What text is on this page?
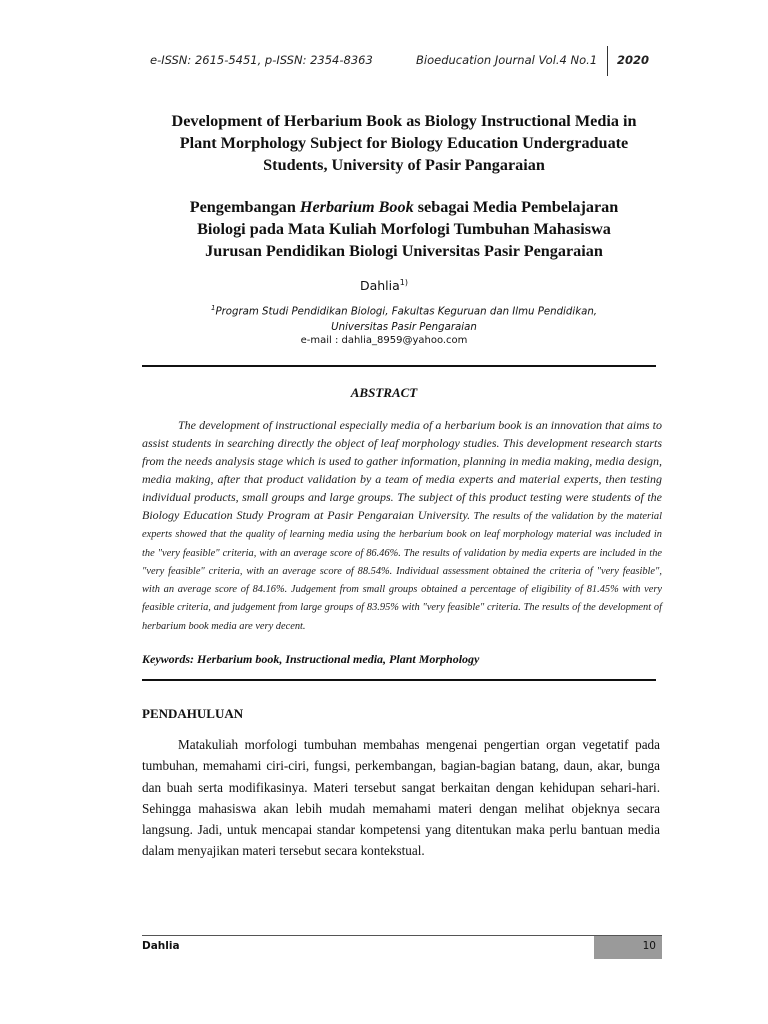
e-ISSN: 2615-5451, p-ISSN: 2354-8363	Bioeducation Journal Vol.4 No.1 2020
Development of Herbarium Book as Biology Instructional Media in
Plant Morphology Subject for Biology Education Undergraduate
Students, University of Pasir Pangaraian
Pengembangan Herbarium Book sebagai Media Pembelajaran
Biologi pada Mata Kuliah Morfologi Tumbuhan Mahasiswa
Jurusan Pendidikan Biologi Universitas Pasir Pengaraian
Dahlia$^{1)}$
$^1$Program Studi Pendidikan Biologi, Fakultas Keguruan dan Ilmu Pendidikan,
Universitas Pasir Pengaraian
e-mail : dahlia_8959@yahoo.com
ABSTRACT
The development of instructional especially media of a herbarium book is an innovation that aims to assist students in searching directly the object of leaf morphology studies. This development research starts from the needs analysis stage which is used to gather information, planning in media making, media design, media making, after that product validation by a team of media experts and material experts, then testing individual products, small groups and large groups. The subject of this product testing were students of the Biology Education Study Program at Pasir Pengaraian University. The results of the validation by the material experts showed that the quality of learning media using the herbarium book on leaf morphology material was included in the "very feasible" criteria, with an average score of 86.46%. The results of validation by media experts are included in the "very feasible" criteria, with an average score of 88.54%. Individual assessment obtained the criteria of "very feasible", with an average score of 84.16%. Judgement from small groups obtained a percentage of eligibility of 81.45% with very feasible criteria, and judgement from large groups of 83.95% with "very feasible" criteria. The results of the development of herbarium book media are very decent.
Keywords: Herbarium book, Instructional media, Plant Morphology
PENDAHULUAN
Matakuliah morfologi tumbuhan membahas mengenai pengertian organ vegetatif pada tumbuhan, memahami ciri-ciri, fungsi, perkembangan, bagian-bagian batang, daun, akar, bunga dan buah serta modifikasinya. Materi tersebut sangat berkaitan dengan kehidupan sehari-hari. Sehingga mahasiswa akan lebih mudah memahami materi dengan melihat objeknya secara langsung. Jadi, untuk mencapai standar kompetensi yang ditentukan maka perlu bantuan media dalam menyajikan materi tersebut secara kontekstual.
Dahlia	10
